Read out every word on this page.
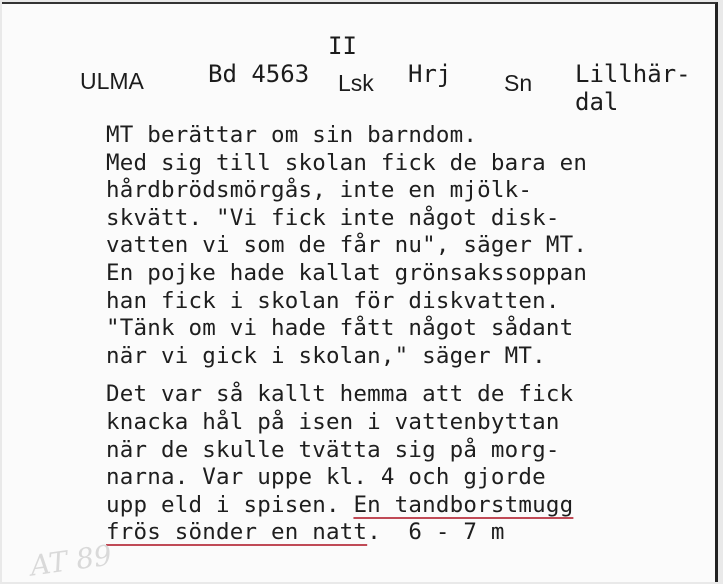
II
ULMA	Bd 4563 Lsk Hrj Sn Lillhär-
dal
MT berättar om sin barndom.
Med sig till skolan fick de bara en
hårdbrödsmörgås, inte en mjölk-
skvätt. "Vi fick inte något disk-
vatten vi som de får nu", säger MT.
En pojke hade kallat grönsakssoppan
han fick i skolan för diskvatten.
"Tänk om vi hade fått något sådant
när vi gick i skolan," säger MT.
Det var så kallt hemma att de fick
knacka hål på isen i vattenbyttan
när de skulle tvätta sig på morg-
narna. Var uppe kl. 4 och gjorde
upp eld i spisen. En tandborstmugg
frös sönder en natt.  6 - 7 m
AT 89
